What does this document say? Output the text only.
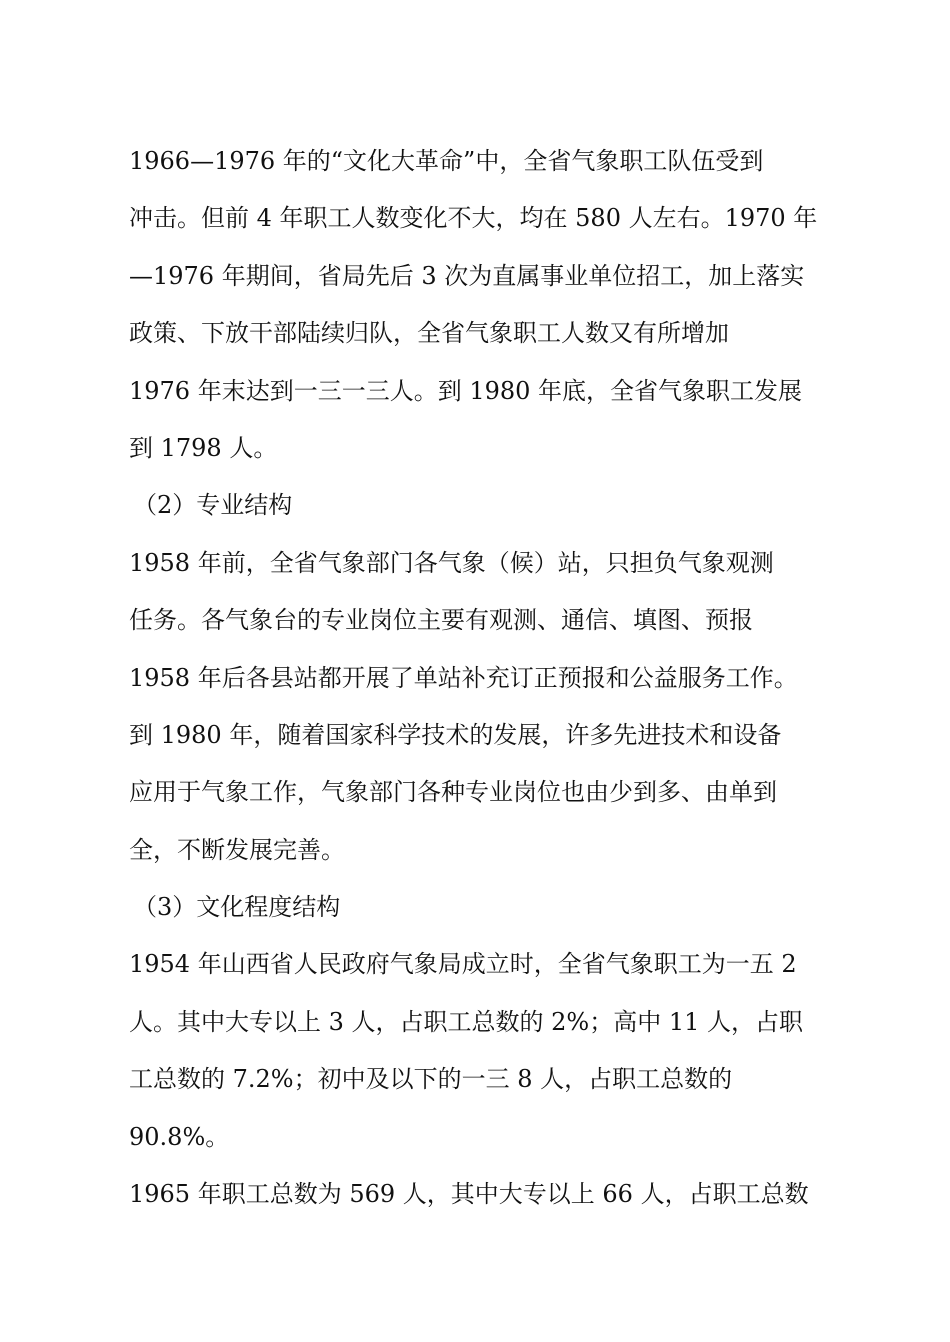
1966—1976 年的“文化大革命”中，全省气象职工队伍受到
冲击。但前 4 年职工人数变化不大，均在 580 人左右。1970 年
—1976 年期间，省局先后 3 次为直属事业单位招工，加上落实
政策、下放干部陆续归队，全省气象职工人数又有所增加
1976 年末达到一三一三人。到 1980 年底，全省气象职工发展
到 1798 人。
（2）专业结构
1958 年前，全省气象部门各气象（候）站，只担负气象观测
任务。各气象台的专业岗位主要有观测、通信、填图、预报
1958 年后各县站都开展了单站补充订正预报和公益服务工作。
到 1980 年，随着国家科学技术的发展，许多先进技术和设备
应用于气象工作，气象部门各种专业岗位也由少到多、由单到
全，不断发展完善。
（3）文化程度结构
1954 年山西省人民政府气象局成立时，全省气象职工为一五 2
人。其中大专以上 3 人，占职工总数的 2%；高中 11 人，占职
工总数的 7.2%；初中及以下的一三 8 人，占职工总数的
90.8%。
1965 年职工总数为 569 人，其中大专以上 66 人，占职工总数
